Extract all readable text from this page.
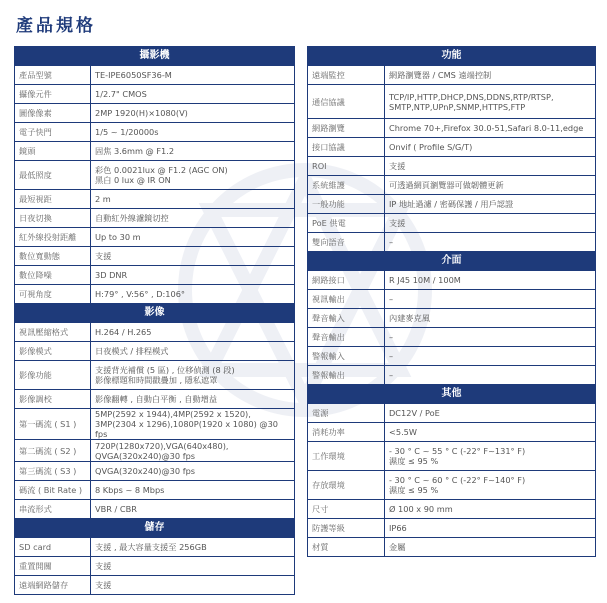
產品規格
攝影機	
產品型號	TE-IPE6050SF36-M
攝像元件	1/2.7" CMOS
圖像像素	2MP 1920(H)×1080(V)
電子快門	1/5 ~ 1/20000s
鏡頭	固焦 3.6mm @ F1.2
最低照度	彩色 0.0021lux @ F1.2 (AGC ON)
黑白 0 lux @ IR ON
最短視距	2 m
日夜切換	自動紅外線濾鏡切控
紅外線投射距離	Up to 30 m
數位寬動態	支援
數位降噪	3D DNR
可視角度	H:79° , V:56° , D:106°
影像	
視訊壓縮格式	H.264 / H.265
影像模式	日夜模式 / 排程模式
影像功能	支援背光補償 (5 區) , 位移偵測 (8 段)
影像標題和時間戳疊加 , 隱私遮罩
影像調校	影像翻轉 , 自動白平衡 , 自動增益
第一碼流 ( S1 )	5MP(2592 x 1944),4MP(2592 x 1520),
3MP(2304 x 1296),1080P(1920 x 1080) @30 fps
第二碼流 ( S2 )	720P(1280x720),VGA(640x480),
QVGA(320x240)@30 fps
第三碼流 ( S3 )	QVGA(320x240)@30 fps
碼流 ( Bit Rate )	8 Kbps ~ 8 Mbps
串流形式	VBR / CBR
儲存	
SD card	支援 , 最大容量支援至 256GB
重置開關	支援
遠端網路儲存	支援
功能	
遠端監控	網路瀏覽器 / CMS 遠端控制
通信協議	TCP/IP,HTTP,DHCP,DNS,DDNS,RTP/RTSP,
SMTP,NTP,UPnP,SNMP,HTTPS,FTP
網路瀏覽	Chrome 70+,Firefox 30.0-51,Safari 8.0-11,edge
接口協議	Onvif ( Profile S/G/T)
ROI	支援
系統維護	可透過網頁瀏覽器可做韌體更新
一般功能	IP 地址過濾 / 密碼保護 / 用戶認證
PoE 供電	支援
雙向語音	–
介面	
網路接口	R J45 10M / 100M
視訊輸出	–
聲音輸入	內建麥克風
聲音輸出	–
警報輸入	–
警報輸出	–
其他	
電源	DC12V / PoE
消耗功率	<5.5W
工作環境	- 30 ° C ~ 55 ° C (-22° F~131° F)
濕度 ≤ 95 %
存放環境	- 30 ° C ~ 60 ° C (-22° F~140° F)
濕度 ≤ 95 %
尺寸	Ø 100 x 90 mm
防護等級	IP66
材質	金屬
